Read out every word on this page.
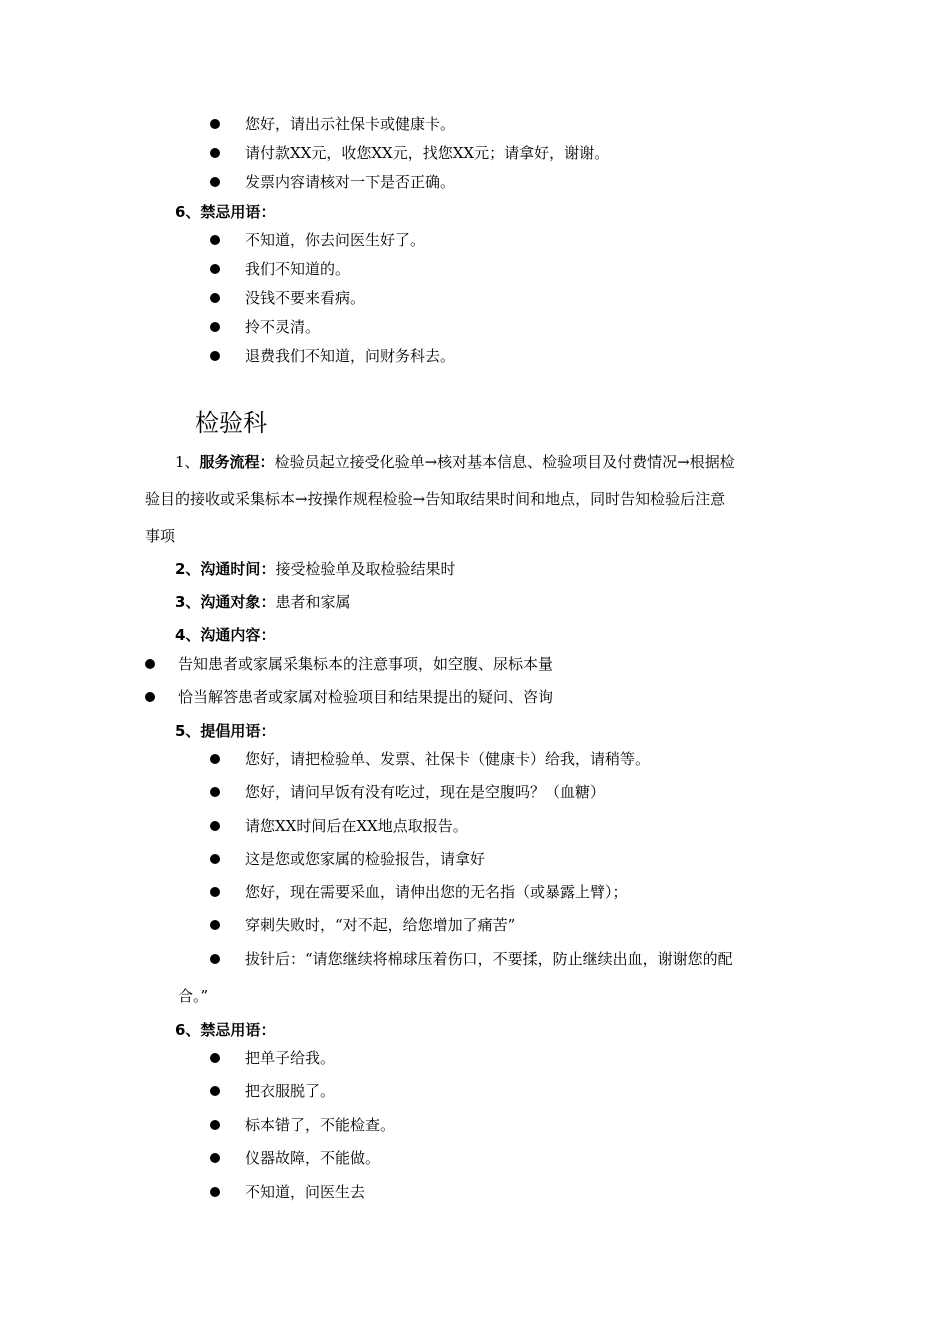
您好，请出示社保卡或健康卡。
请付款XX元，收您XX元，找您XX元；请拿好，谢谢。
发票内容请核对一下是否正确。
6、禁忌用语：
不知道，你去问医生好了。
我们不知道的。
没钱不要来看病。
拎不灵清。
退费我们不知道，问财务科去。
检验科
1、服务流程：检验员起立接受化验单→核对基本信息、检验项目及付费情况→根据检
验目的接收或采集标本→按操作规程检验→告知取结果时间和地点，同时告知检验后注意
事项
2、沟通时间：接受检验单及取检验结果时
3、沟通对象：患者和家属
4、沟通内容：
告知患者或家属采集标本的注意事项，如空腹、尿标本量
恰当解答患者或家属对检验项目和结果提出的疑问、咨询
5、提倡用语：
您好，请把检验单、发票、社保卡（健康卡）给我，请稍等。
您好，请问早饭有没有吃过，现在是空腹吗？（血糖）
请您XX时间后在XX地点取报告。
这是您或您家属的检验报告，请拿好
您好，现在需要采血，请伸出您的无名指（或暴露上臂）；
穿刺失败时，“对不起，给您增加了痛苦”
拔针后：“请您继续将棉球压着伤口，不要揉，防止继续出血，谢谢您的配
合。”
6、禁忌用语：
把单子给我。
把衣服脱了。
标本错了，不能检查。
仪器故障，不能做。
不知道，问医生去
